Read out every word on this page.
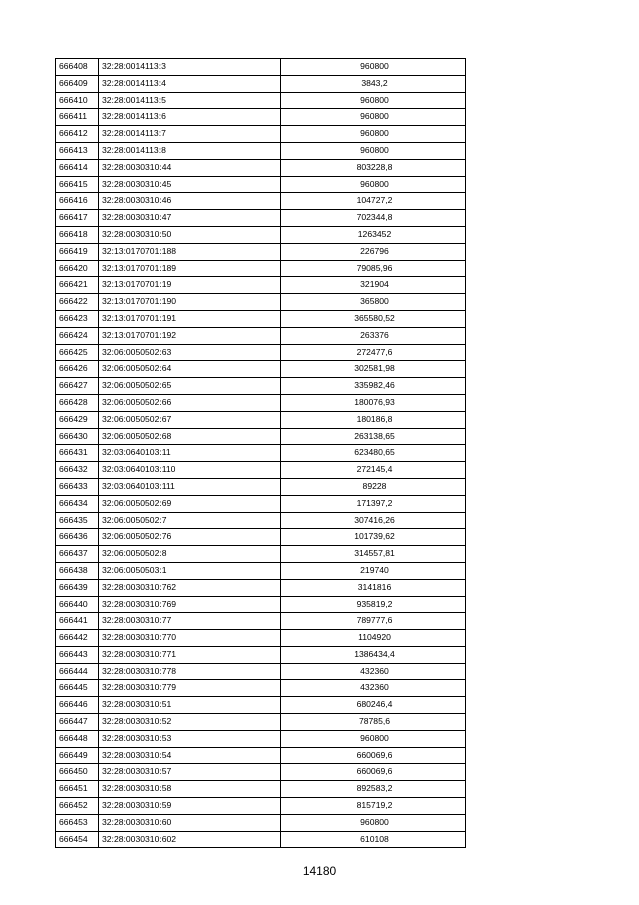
666408	32:28:0014113:3	960800
666409	32:28:0014113:4	3843,2
666410	32:28:0014113:5	960800
666411	32:28:0014113:6	960800
666412	32:28:0014113:7	960800
666413	32:28:0014113:8	960800
666414	32:28:0030310:44	803228,8
666415	32:28:0030310:45	960800
666416	32:28:0030310:46	104727,2
666417	32:28:0030310:47	702344,8
666418	32:28:0030310:50	1263452
666419	32:13:0170701:188	226796
666420	32:13:0170701:189	79085,96
666421	32:13:0170701:19	321904
666422	32:13:0170701:190	365800
666423	32:13:0170701:191	365580,52
666424	32:13:0170701:192	263376
666425	32:06:0050502:63	272477,6
666426	32:06:0050502:64	302581,98
666427	32:06:0050502:65	335982,46
666428	32:06:0050502:66	180076,93
666429	32:06:0050502:67	180186,8
666430	32:06:0050502:68	263138,65
666431	32:03:0640103:11	623480,65
666432	32:03:0640103:110	272145,4
666433	32:03:0640103:111	89228
666434	32:06:0050502:69	171397,2
666435	32:06:0050502:7	307416,26
666436	32:06:0050502:76	101739,62
666437	32:06:0050502:8	314557,81
666438	32:06:0050503:1	219740
666439	32:28:0030310:762	3141816
666440	32:28:0030310:769	935819,2
666441	32:28:0030310:77	789777,6
666442	32:28:0030310:770	1104920
666443	32:28:0030310:771	1386434,4
666444	32:28:0030310:778	432360
666445	32:28:0030310:779	432360
666446	32:28:0030310:51	680246,4
666447	32:28:0030310:52	78785,6
666448	32:28:0030310:53	960800
666449	32:28:0030310:54	660069,6
666450	32:28:0030310:57	660069,6
666451	32:28:0030310:58	892583,2
666452	32:28:0030310:59	815719,2
666453	32:28:0030310:60	960800
666454	32:28:0030310:602	610108
14180
